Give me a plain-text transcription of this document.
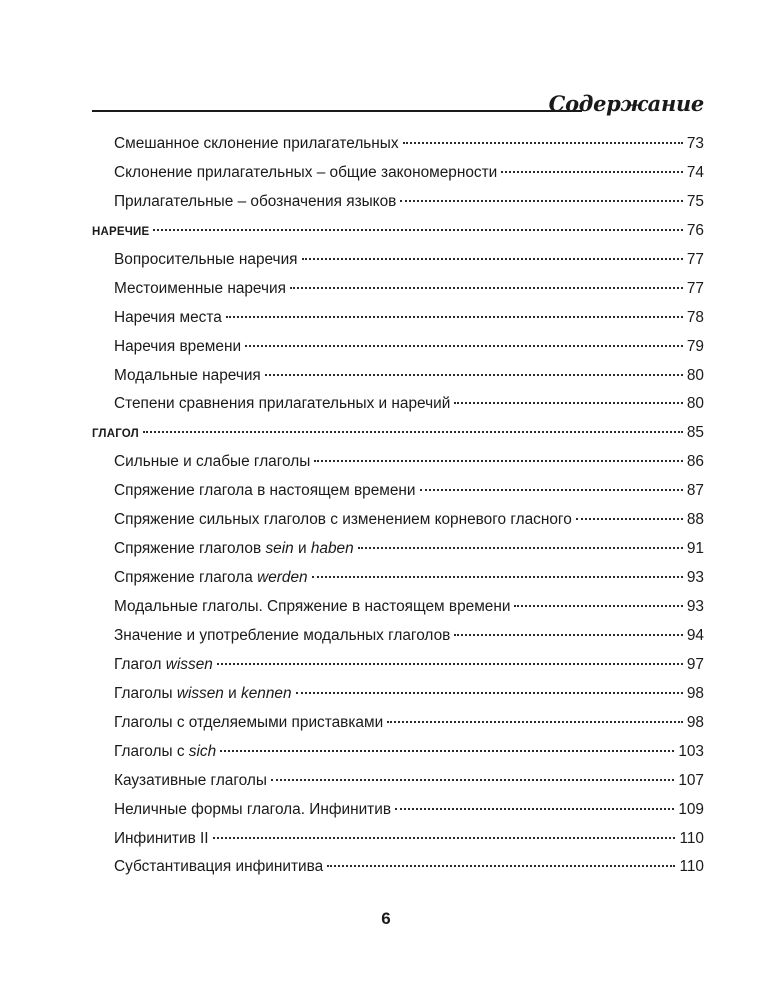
Содержание
Смешанное склонение прилагательных	73
Склонение прилагательных – общие закономерности	74
Прилагательные – обозначения языков	75
НАРЕЧИЕ	76
Вопросительные наречия	77
Местоименные наречия	77
Наречия места	78
Наречия времени	79
Модальные наречия	80
Степени сравнения прилагательных и наречий	80
ГЛАГОЛ	85
Сильные и слабые глаголы	86
Спряжение глагола в настоящем времени	87
Спряжение сильных глаголов с изменением корневого гласного	88
Спряжение глаголов sein и haben	91
Спряжение глагола werden	93
Модальные глаголы. Спряжение в настоящем времени	93
Значение и употребление модальных глаголов	94
Глагол wissen	97
Глаголы wissen и kennen	98
Глаголы с отделяемыми приставками	98
Глаголы с sich	103
Каузативные глаголы	107
Неличные формы глагола. Инфинитив	109
Инфинитив II	110
Субстантивация инфинитива	110
6
